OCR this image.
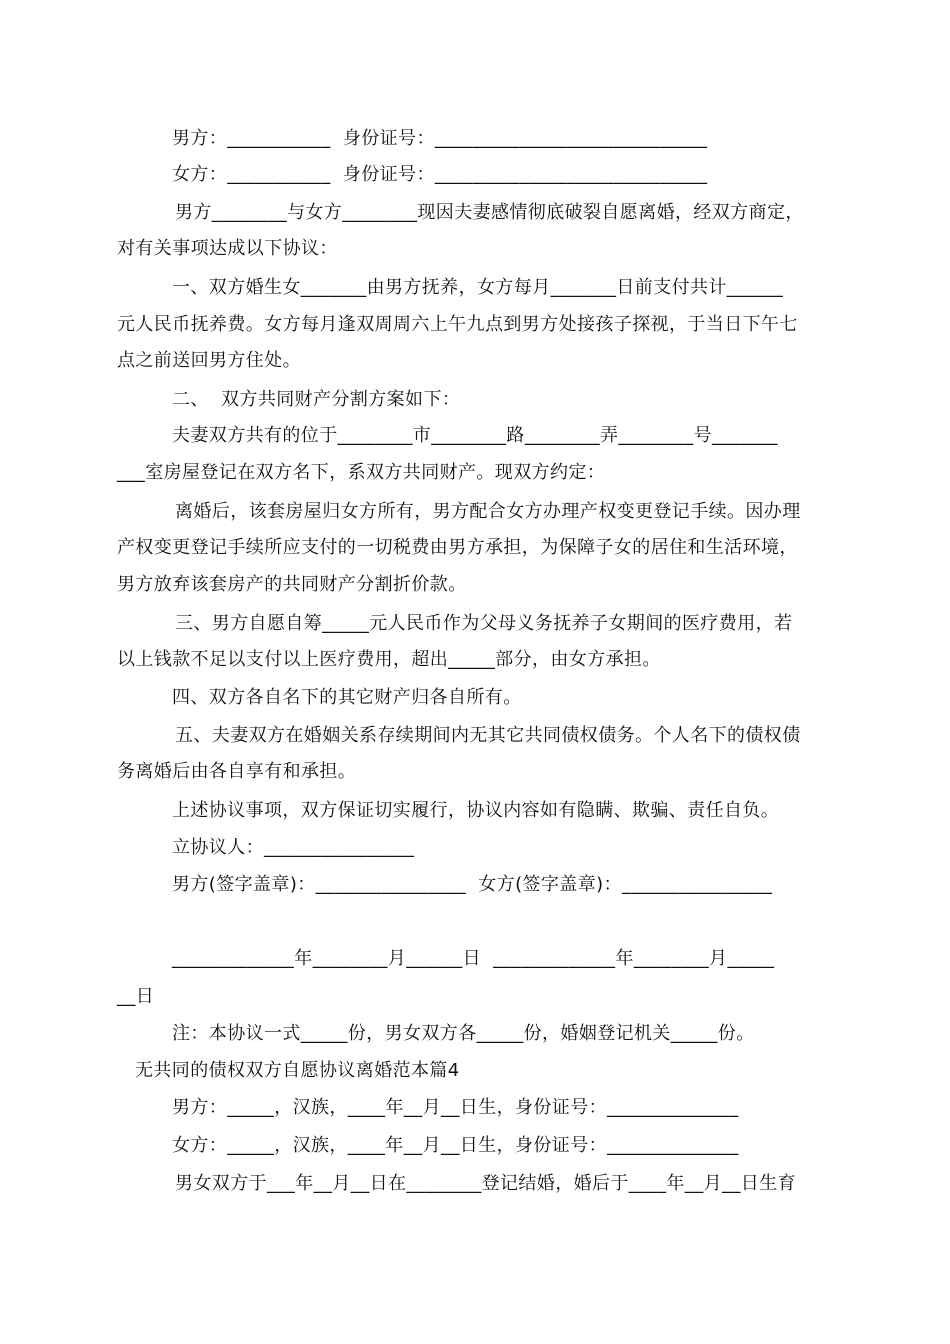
男方：___________  身份证号：_____________________________
女方：___________  身份证号：_____________________________
男方________与女方________现因夫妻感情彻底破裂自愿离婚，经双方商定，
对有关事项达成以下协议：
一、双方婚生女_______由男方抚养，女方每月_______日前支付共计______
元人民币抚养费。女方每月逢双周周六上午九点到男方处接孩子探视，于当日下午七
点之前送回男方住处。
二、  双方共同财产分割方案如下：
夫妻双方共有的位于________市________路________弄________号_______
___室房屋登记在双方名下，系双方共同财产。现双方约定：
离婚后，该套房屋归女方所有，男方配合女方办理产权变更登记手续。因办理
产权变更登记手续所应支付的一切税费由男方承担，为保障子女的居住和生活环境，
男方放弃该套房产的共同财产分割折价款。
三、男方自愿自筹_____元人民币作为父母义务抚养子女期间的医疗费用，若
以上钱款不足以支付以上医疗费用，超出_____部分，由女方承担。
四、双方各自名下的其它财产归各自所有。
五、夫妻双方在婚姻关系存续期间内无其它共同债权债务。个人名下的债权债
务离婚后由各自享有和承担。
上述协议事项，双方保证切实履行，协议内容如有隐瞒、欺骗、责任自负。
立协议人：________________
男方(签字盖章)：________________  女方(签字盖章)：________________
_____________年________月______日  _____________年________月_____
__日
注：本协议一式_____份，男女双方各_____份，婚姻登记机关_____份。
无共同的债权双方自愿协议离婚范本篇4
男方：_____，汉族，____年__月__日生，身份证号：______________
女方：_____，汉族，____年__月__日生，身份证号：______________
男女双方于___年__月__日在________登记结婚，婚后于____年__月__日生育
